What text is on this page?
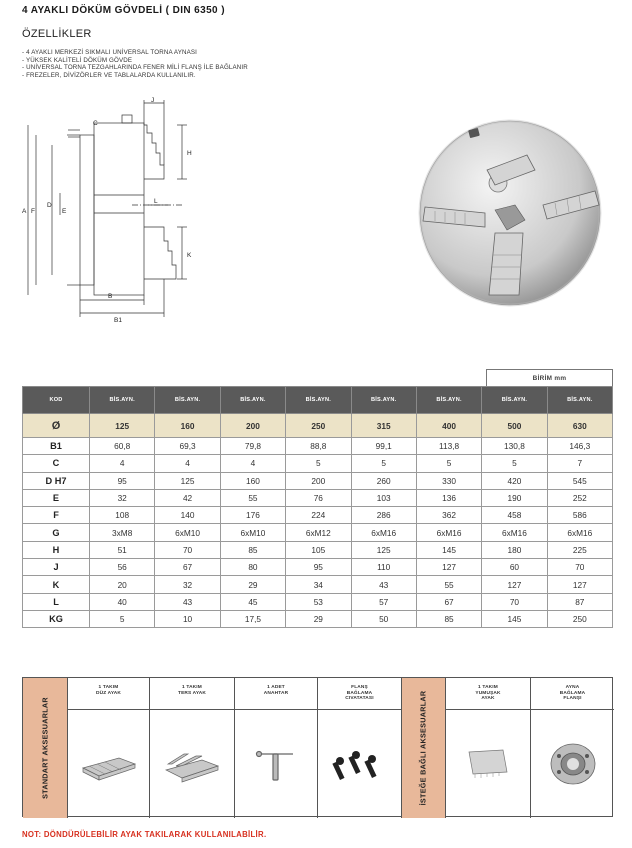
4 AYAKLI DÖKÜM GÖVDELİ ( DIN 6350 )
ÖZELLİKLER
- 4 AYAKLI MERKEZİ SIKMALI UNİVERSAL TORNA AYNASI
- YÜKSEK KALİTELİ DÖKÜM GÖVDE
- UNİVERSAL TORNA TEZGAHLARINDA FENER MİLİ FLANŞ İLE BAĞLANIR
- FREZELER, DİVİZÖRLER VE TABLALARDA KULLANILIR.
J
C
H
A F
D
E
L
K
B
B1
BİRİM mm
KOD	BİS.AYN.	BİS.AYN.	BİS.AYN.	BİS.AYN.	BİS.AYN.	BİS.AYN.	BİS.AYN.	BİS.AYN.
Ø	125	160	200	250	315	400	500	630
B1	60,8	69,3	79,8	88,8	99,1	113,8	130,8	146,3
C	4	4	4	5	5	5	5	7
D H7	95	125	160	200	260	330	420	545
E	32	42	55	76	103	136	190	252
F	108	140	176	224	286	362	458	586
G	3xM8	6xM10	6xM10	6xM12	6xM16	6xM16	6xM16	6xM16
H	51	70	85	105	125	145	180	225
J	56	67	80	95	110	127	60	70
K	20	32	29	34	43	55	127	127
L	40	43	45	53	57	67	70	87
KG	5	10	17,5	29	50	85	145	250
STANDART AKSESUARLAR
1 TAKIM
DÜZ AYAK
1 TAKIM
TERS AYAK
1 ADET
ANAHTAR
FLANŞ
BAĞLAMA
CIVATATASI	İSTEĞE BAĞLI AKSESUARLAR
1 TAKIM
YUMUŞAK
AYAK
AYNA
BAĞLAMA
FLANŞI
NOT: DÖNDÜRÜLEBİLİR AYAK TAKILARAK KULLANILABİLİR.
